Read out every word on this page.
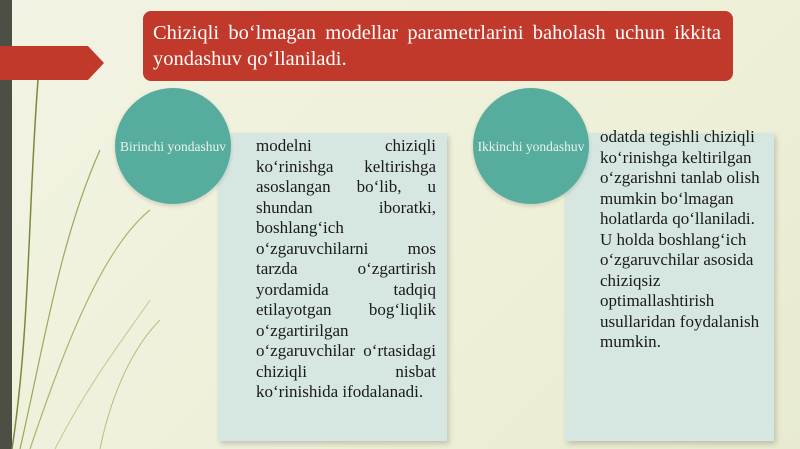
Chiziqli bo‘lmagan modellar parametrlarini baholash uchun ikkita yondashuv qo‘llaniladi.
modelni chiziqli ko‘rinishga keltirishga asoslangan bo‘lib, u shundan iboratki, boshlang‘ich o‘zgaruvchilarni mos tarzda o‘zgartirish yordamida tadqiq etilayotgan bog‘liqlik o‘zgartirilgan o‘zgaruvchilar o‘rtasidagi chiziqli nisbat ko‘rinishida ifodalanadi.
Birinchi yondashuv	odatda tegishli chiziqli ko‘rinishga keltirilgan o‘zgarishni tanlab olish mumkin bo‘lmagan holatlarda qo‘llaniladi. U holda boshlang‘ich o‘zgaruvchilar asosida chiziqsiz optimallashtirish usullaridan foydalanish mumkin.
Ikkinchi yondashuv
